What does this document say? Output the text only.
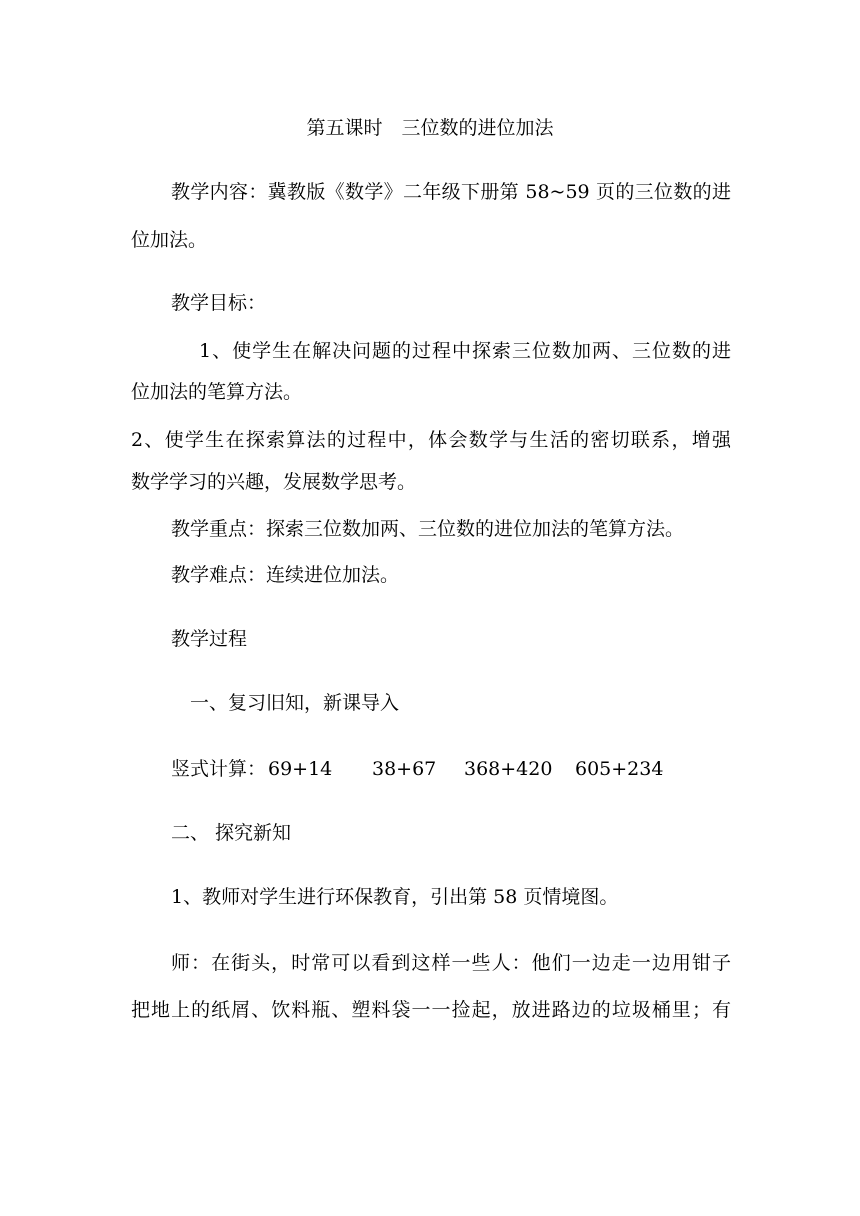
第五课时　三位数的进位加法
教学内容：冀教版《数学》二年级下册第 58~59 页的三位数的进
位加法。
教学目标：
1、使学生在解决问题的过程中探索三位数加两、三位数的进
位加法的笔算方法。
2、使学生在探索算法的过程中，体会数学与生活的密切联系，增强
数学学习的兴趣，发展数学思考。
教学重点：探索三位数加两、三位数的进位加法的笔算方法。
教学难点：连续进位加法。
教学过程
一、复习旧知，新课导入
竖式计算： 69+14 38+67 368+420 605+234
二、 探究新知
1、教师对学生进行环保教育，引出第 58 页情境图。
师：在街头，时常可以看到这样一些人：他们一边走一边用钳子
把地上的纸屑、饮料瓶、塑料袋一一捡起，放进路边的垃圾桶里；有
